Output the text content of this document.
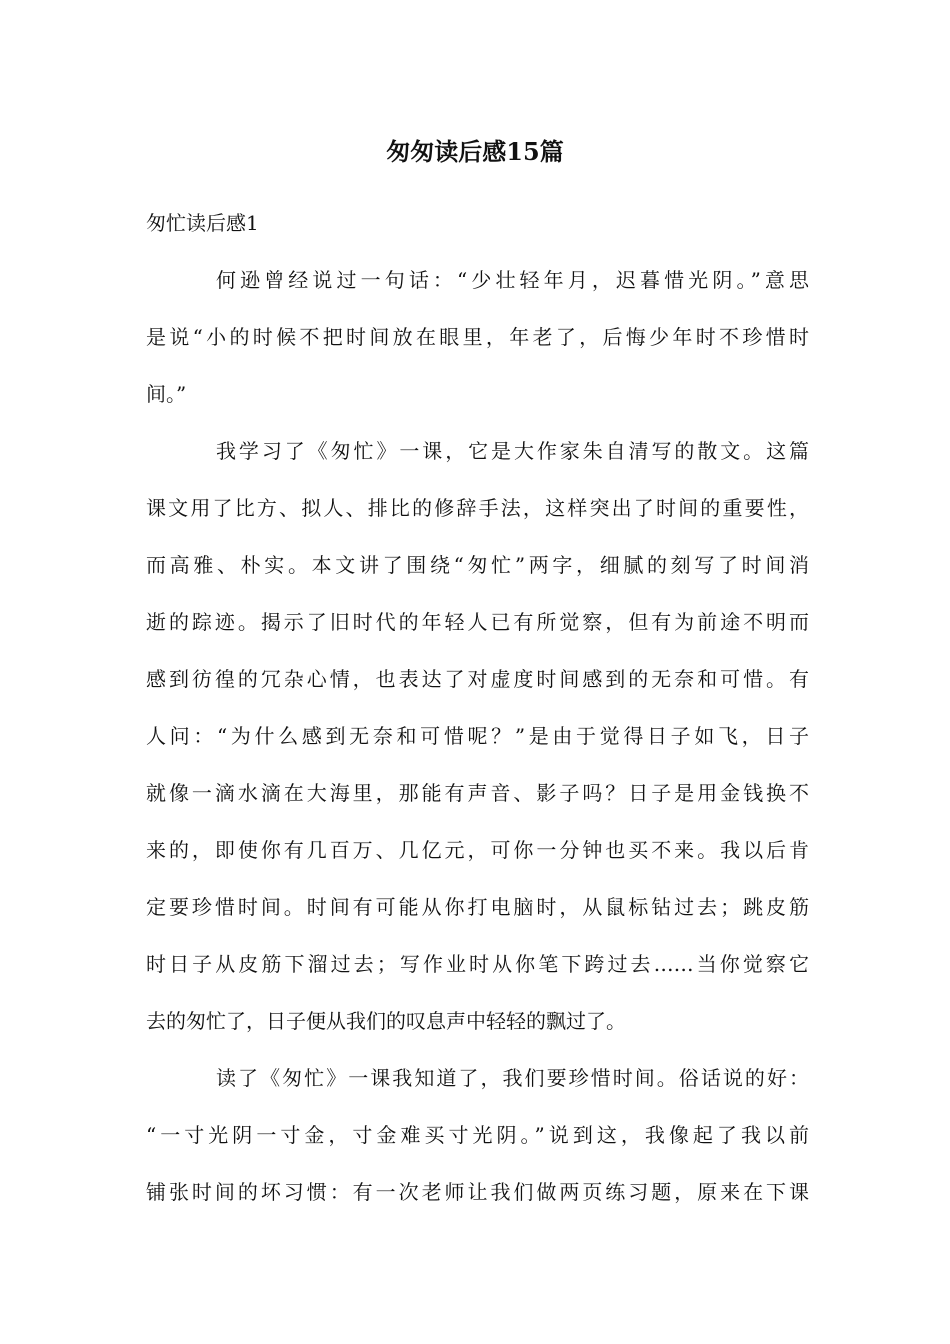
匆匆读后感15篇
匆忙读后感1

何逊曾经说过一句话：“少壮轻年月，迟暮惜光阴。”意思
是说“小的时候不把时间放在眼里，年老了，后悔少年时不珍惜时
间。”

我学习了《匆忙》一课，它是大作家朱自清写的散文。这篇
课文用了比方、拟人、排比的修辞手法，这样突出了时间的重要性，
而高雅、朴实。本文讲了围绕“匆忙”两字，细腻的刻写了时间消
逝的踪迹。揭示了旧时代的年轻人已有所觉察，但有为前途不明而
感到彷徨的冗杂心情，也表达了对虚度时间感到的无奈和可惜。有
人问：“为什么感到无奈和可惜呢？”是由于觉得日子如飞，日子
就像一滴水滴在大海里，那能有声音、影子吗？日子是用金钱换不
来的，即使你有几百万、几亿元，可你一分钟也买不来。我以后肯
定要珍惜时间。时间有可能从你打电脑时，从鼠标钻过去；跳皮筋
时日子从皮筋下溜过去；写作业时从你笔下跨过去……当你觉察它
去的匆忙了，日子便从我们的叹息声中轻轻的飘过了。

读了《匆忙》一课我知道了，我们要珍惜时间。俗话说的好：
“一寸光阴一寸金，寸金难买寸光阴。”说到这，我像起了我以前
铺张时间的坏习惯：有一次老师让我们做两页练习题，原来在下课
